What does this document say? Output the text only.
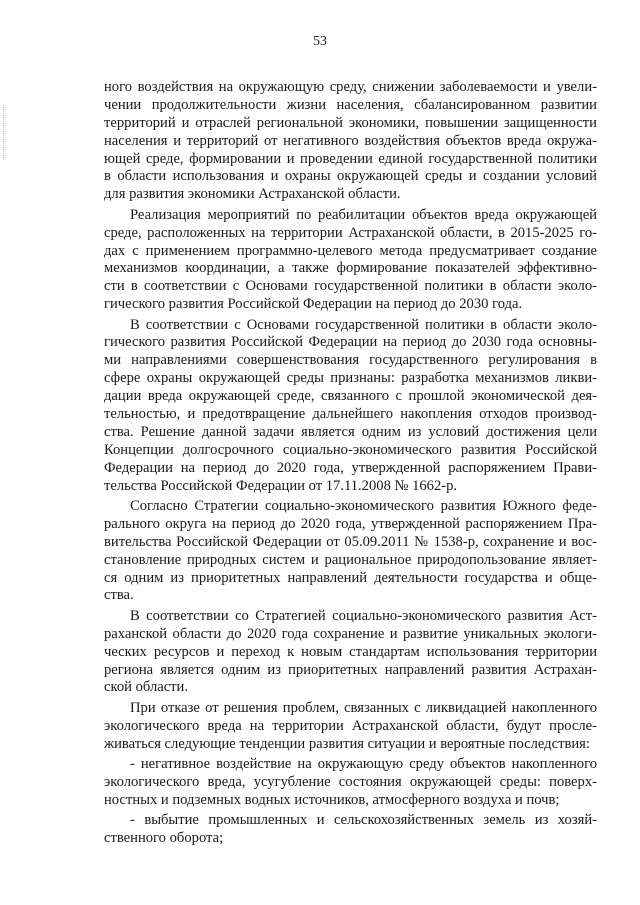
53
ного воздействия на окружающую среду, снижении заболеваемости и увели-
чении продолжительности жизни населения, сбалансированном развитии
территорий и отраслей региональной экономики, повышении защищенности
населения и территорий от негативного воздействия объектов вреда окружа-
ющей среде, формировании и проведении единой государственной политики
в области использования и охраны окружающей среды и создании условий
для развития экономики Астраханской области.
Реализация мероприятий по реабилитации объектов вреда окружающей
среде, расположенных на территории Астраханской области, в 2015-2025 го-
дах с применением программно-целевого метода предусматривает создание
механизмов координации, а также формирование показателей эффективно-
сти в соответствии с Основами государственной политики в области эколо-
гического развития Российской Федерации на период до 2030 года.
В соответствии с Основами государственной политики в области эколо-
гического развития Российской Федерации на период до 2030 года основны-
ми направлениями совершенствования государственного регулирования в
сфере охраны окружающей среды признаны: разработка механизмов ликви-
дации вреда окружающей среде, связанного с прошлой экономической дея-
тельностью, и предотвращение дальнейшего накопления отходов производ-
ства. Решение данной задачи является одним из условий достижения цели
Концепции долгосрочного социально-экономического развития Российской
Федерации на период до 2020 года, утвержденной распоряжением Прави-
тельства Российской Федерации от 17.11.2008 № 1662-р.
Согласно Стратегии социально-экономического развития Южного феде-
рального округа на период до 2020 года, утвержденной распоряжением Пра-
вительства Российской Федерации от 05.09.2011 № 1538-р, сохранение и вос-
становление природных систем и рациональное природопользование являет-
ся одним из приоритетных направлений деятельности государства и обще-
ства.
В соответствии со Стратегией социально-экономического развития Аст-
раханской области до 2020 года сохранение и развитие уникальных экологи-
ческих ресурсов и переход к новым стандартам использования территории
региона является одним из приоритетных направлений развития Астрахан-
ской области.
При отказе от решения проблем, связанных с ликвидацией накопленного
экологического вреда на территории Астраханской области, будут просле-
живаться следующие тенденции развития ситуации и вероятные последствия:
- негативное воздействие на окружающую среду объектов накопленного
экологического вреда, усугубление состояния окружающей среды: поверх-
ностных и подземных водных источников, атмосферного воздуха и почв;
- выбытие промышленных и сельскохозяйственных земель из хозяй-
ственного оборота;
